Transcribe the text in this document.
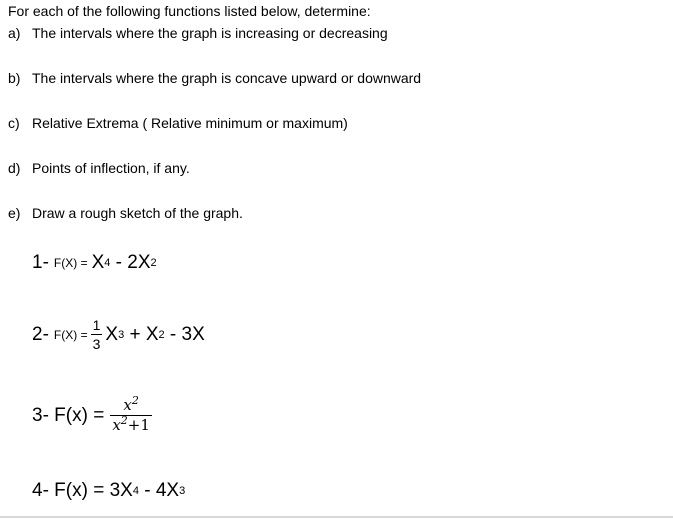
For each of the following functions listed below, determine:
a) The intervals where the graph is increasing or decreasing
b) The intervals where the graph is concave upward or downward
c) Relative Extrema ( Relative minimum or maximum)
d) Points of inflection, if any.
e) Draw a rough sketch of the graph.
1- F(X) = X 4 - 2X 2
2- $F(X) = \frac{1}{3}$ X 3 + X 2 - 3X
3- $F(x) = \frac{x^2}{x^2+1}$
4- F(x) = 3X 4 - 4X 3
